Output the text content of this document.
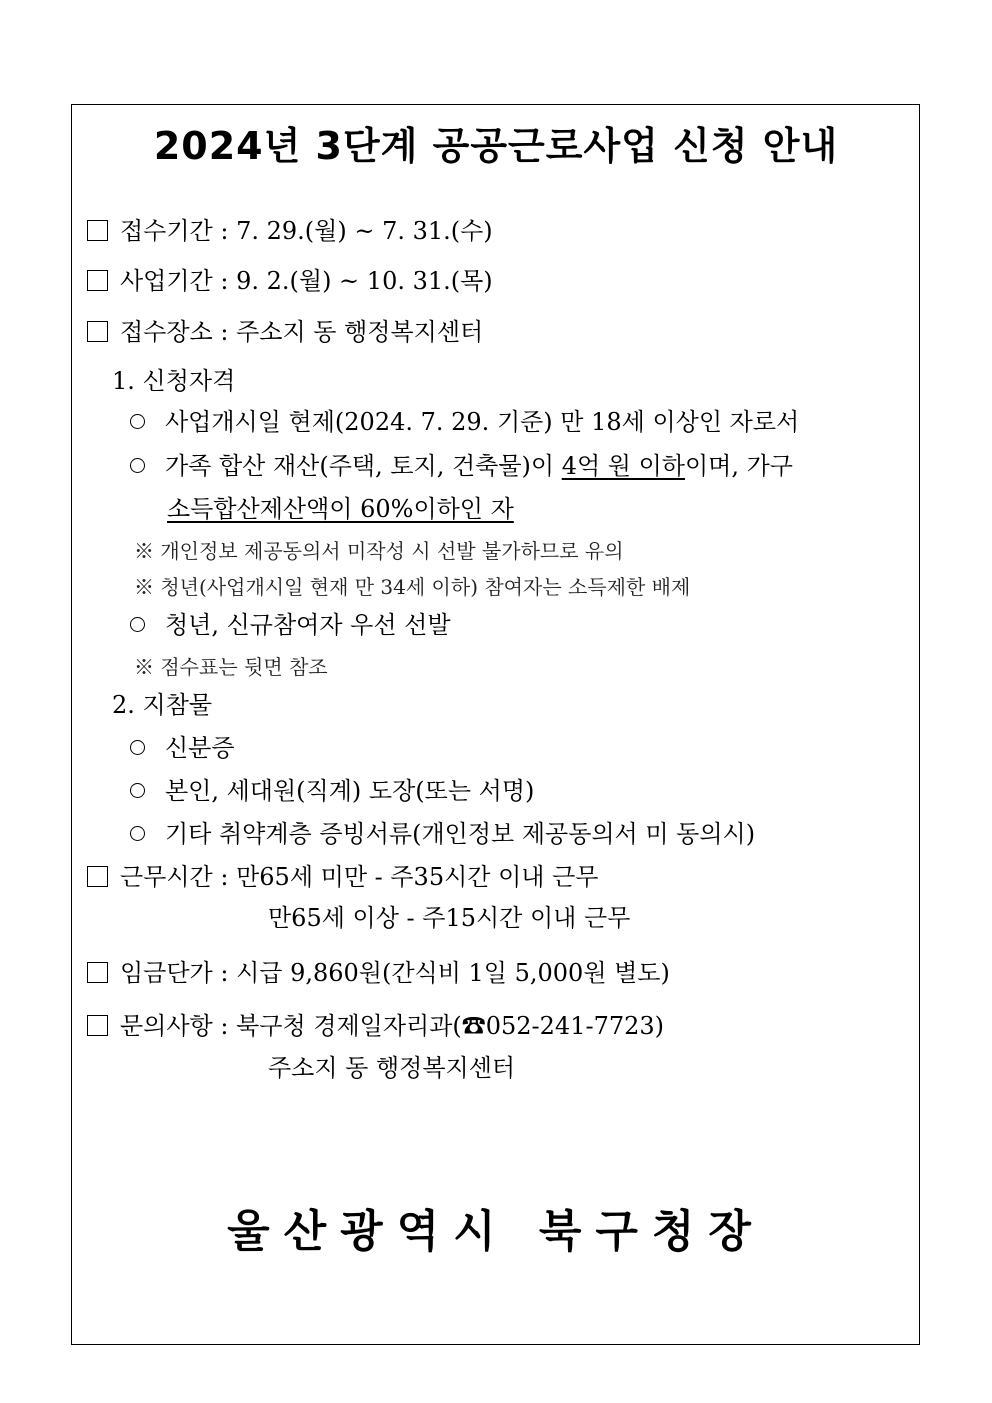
2024년 3단계 공공근로사업 신청 안내
접수기간 : 7. 29.(월) ~ 7. 31.(수)
사업기간 : 9. 2.(월) ~ 10. 31.(목)
접수장소 : 주소지 동 행정복지센터
1. 신청자격
사업개시일 현제(2024. 7. 29. 기준) 만 18세 이상인 자로서
가족 합산 재산(주택, 토지, 건축물)이 4억 원 이하이며, 가구
소득합산제산액이 60%이하인 자
※ 개인정보 제공동의서 미작성 시 선발 불가하므로 유의
※ 청년(사업개시일 현재 만 34세 이하) 참여자는 소득제한 배제
청년, 신규참여자 우선 선발
※ 점수표는 뒷면 참조
2. 지참물
신분증
본인, 세대원(직계) 도장(또는 서명)
기타 취약계층 증빙서류(개인정보 제공동의서 미 동의시)
근무시간 : 만65세 미만 - 주35시간 이내 근무
만65세 이상 - 주15시간 이내 근무
임금단가 : 시급 9,860원(간식비 1일 5,000원 별도)
문의사항 : 북구청 경제일자리과(☎052-241-7723)
주소지 동 행정복지센터
울산광역시 북구청장
